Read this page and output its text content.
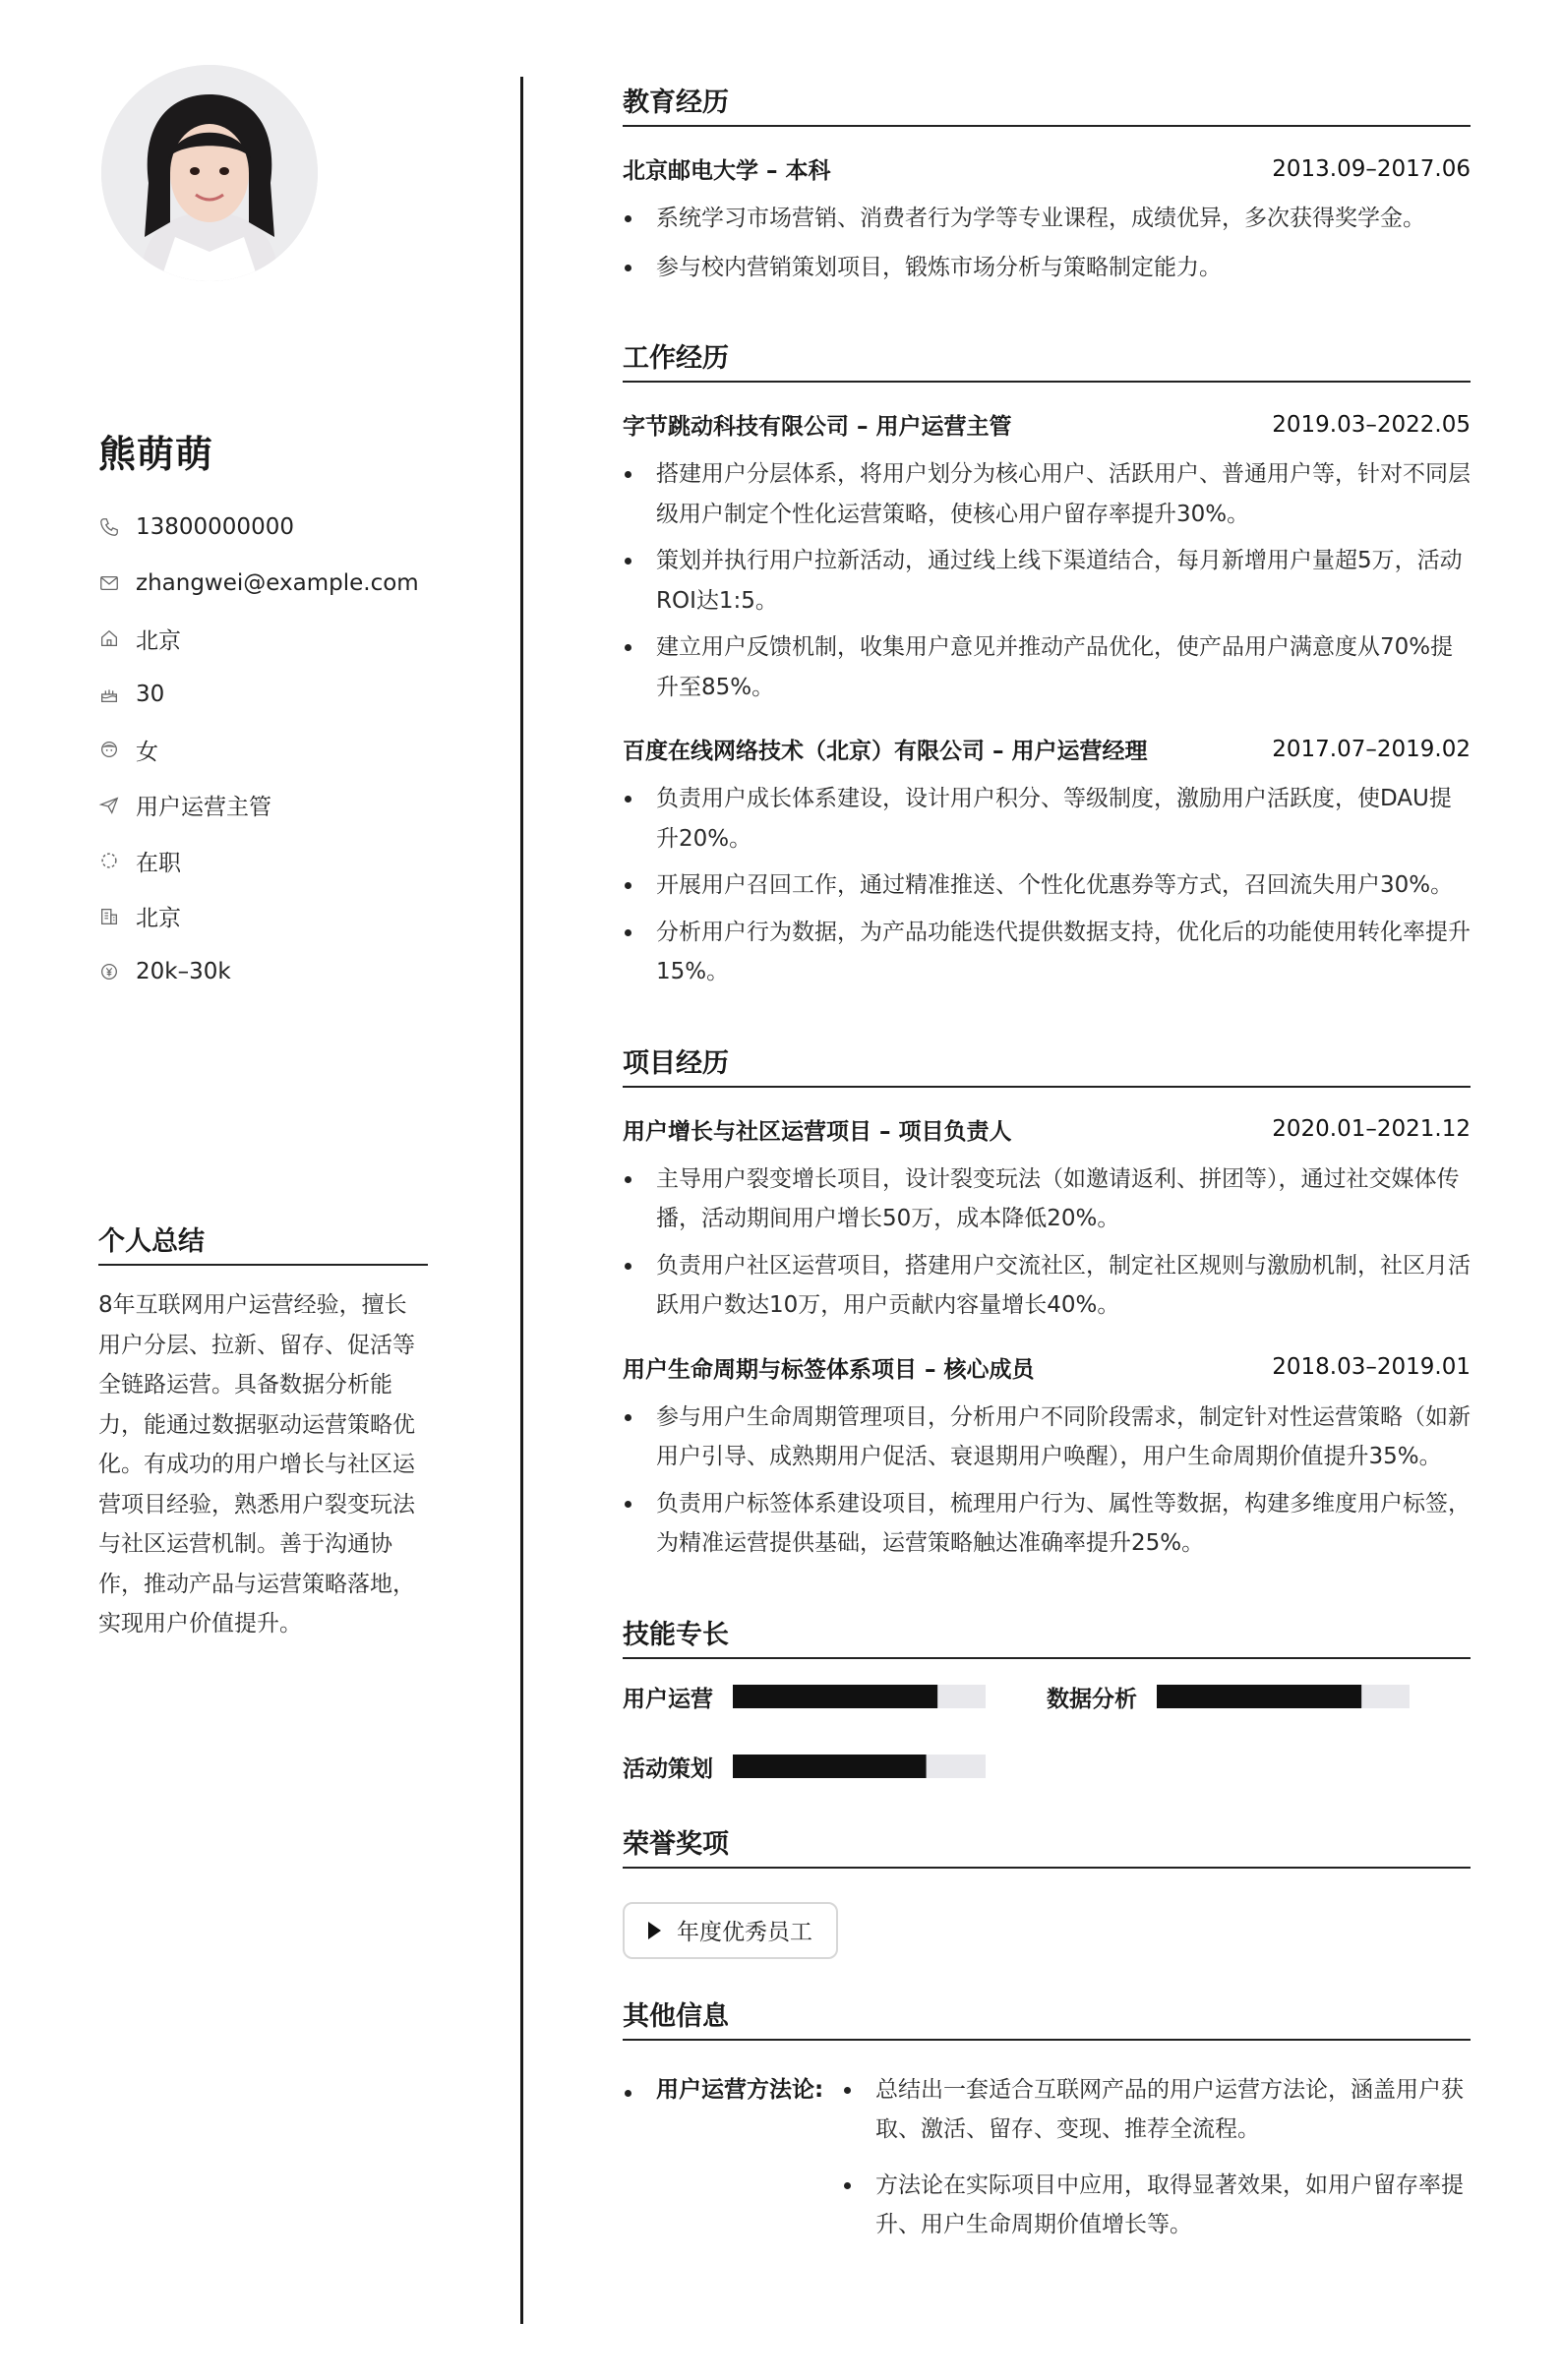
熊萌萌
13800000000
zhangwei@example.com
北京
30
女
用户运营主管
在职
北京
20k–30k
个人总结

8年互联网用户运营经验，擅长用户分层、拉新、留存、促活等全链路运营。具备数据分析能力，能通过数据驱动运营策略优化。有成功的用户增长与社区运营项目经验，熟悉用户裂变玩法与社区运营机制。善于沟通协作，推动产品与运营策略落地，实现用户价值提升。

教育经历
北京邮电大学 – 本科	2013.09–2017.06
系统学习市场营销、消费者行为学等专业课程，成绩优异，多次获得奖学金。
参与校内营销策划项目，锻炼市场分析与策略制定能力。
工作经历
字节跳动科技有限公司 – 用户运营主管	2019.03–2022.05
搭建用户分层体系，将用户划分为核心用户、活跃用户、普通用户等，针对不同层级用户制定个性化运营策略，使核心用户留存率提升30%。
策划并执行用户拉新活动，通过线上线下渠道结合，每月新增用户量超5万，活动ROI达1:5。
建立用户反馈机制，收集用户意见并推动产品优化，使产品用户满意度从70%提升至85%。
百度在线网络技术（北京）有限公司 – 用户运营经理	2017.07–2019.02
负责用户成长体系建设，设计用户积分、等级制度，激励用户活跃度，使DAU提升20%。
开展用户召回工作，通过精准推送、个性化优惠券等方式，召回流失用户30%。
分析用户行为数据，为产品功能迭代提供数据支持，优化后的功能使用转化率提升15%。
项目经历
用户增长与社区运营项目 – 项目负责人	2020.01–2021.12
主导用户裂变增长项目，设计裂变玩法（如邀请返利、拼团等），通过社交媒体传播，活动期间用户增长50万，成本降低20%。
负责用户社区运营项目，搭建用户交流社区，制定社区规则与激励机制，社区月活跃用户数达10万，用户贡献内容量增长40%。
用户生命周期与标签体系项目 – 核心成员	2018.03–2019.01
参与用户生命周期管理项目，分析用户不同阶段需求，制定针对性运营策略（如新用户引导、成熟期用户促活、衰退期用户唤醒），用户生命周期价值提升35%。
负责用户标签体系建设项目，梳理用户行为、属性等数据，构建多维度用户标签，为精准运营提供基础，运营策略触达准确率提升25%。
技能专长
用户运营	数据分析
活动策划
荣誉奖项
年度优秀员工
其他信息
用户运营方法论:	总结出一套适合互联网产品的用户运营方法论，涵盖用户获取、激活、留存、变现、推荐全流程。
方法论在实际项目中应用，取得显著效果，如用户留存率提升、用户生命周期价值增长等。
